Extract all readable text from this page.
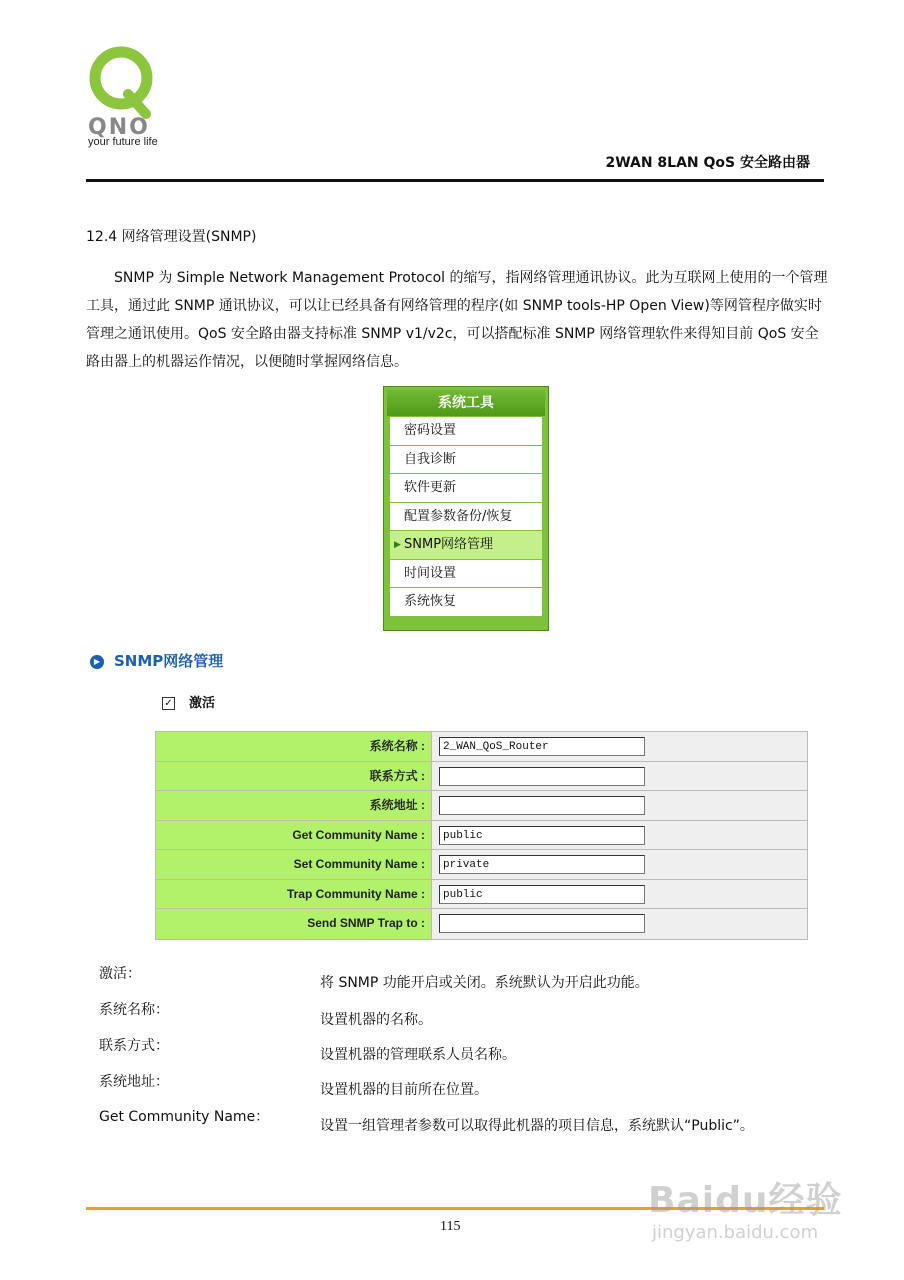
QNO
your future life
2WAN 8LAN QoS 安全路由器
12.4 网络管理设置(SNMP)
SNMP 为 Simple Network Management Protocol 的缩写，指网络管理通讯协议。此为互联网上使用的一个管理工具，通过此 SNMP 通讯协议，可以让已经具备有网络管理的程序(如 SNMP tools-HP Open View)等网管程序做实时管理之通讯使用。QoS 安全路由器支持标准 SNMP v1/v2c，可以搭配标准 SNMP 网络管理软件来得知目前 QoS 安全路由器上的机器运作情况，以便随时掌握网络信息。
系统工具
密码设置
自我诊断
软件更新
配置参数备份/恢复
▶ SNMP网络管理
时间设置
系统恢复
▶ SNMP网络管理
✓ 激活
系统名称 :	2_WAN_QoS_Router
联系方式 :
系统地址 :
Get Community Name :	public
Set Community Name :	private
Trap Community Name :	public
Send SNMP Trap to :
激活：
将 SNMP 功能开启或关闭。系统默认为开启此功能。
系统名称：
设置机器的名称。
联系方式：
设置机器的管理联系人员名称。
系统地址：	设置机器的目前所在位置。
Get Community Name：
设置一组管理者参数可以取得此机器的项目信息，系统默认“Public”。
115
Baidu经验
jingyan.baidu.com
